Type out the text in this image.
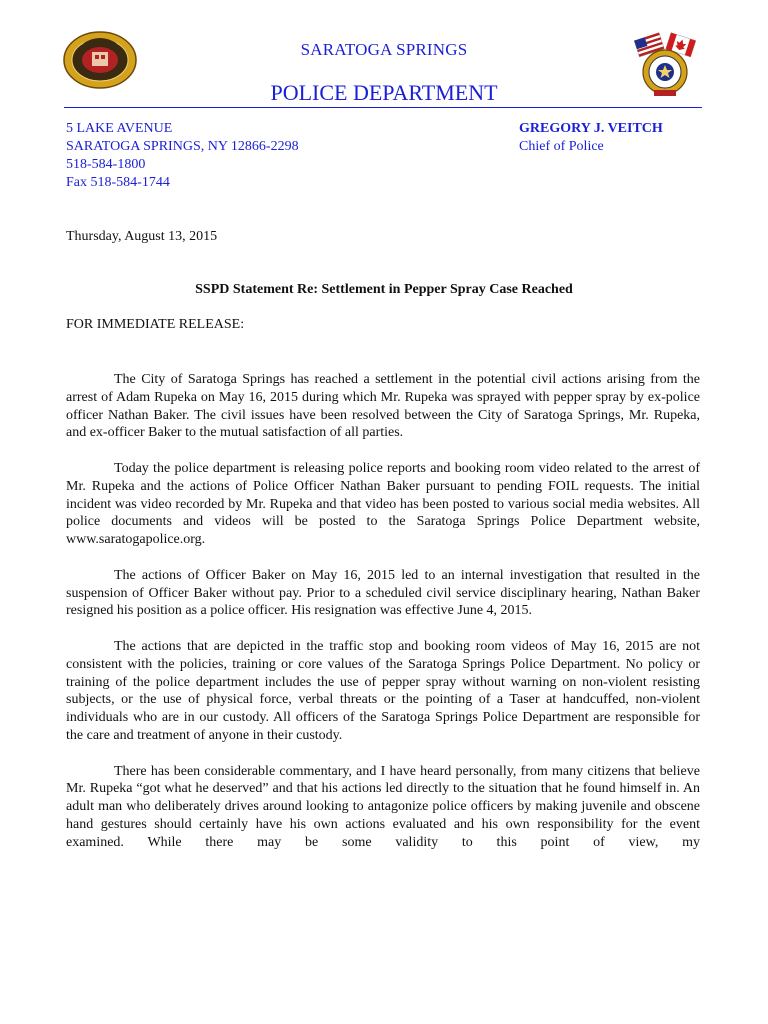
SARATOGA SPRINGS
POLICE DEPARTMENT
5 LAKE AVENUE
SARATOGA SPRINGS, NY 12866-2298
518-584-1800
Fax 518-584-1744
GREGORY J. VEITCH
Chief of Police
Thursday, August 13, 2015
SSPD Statement Re: Settlement in Pepper Spray Case Reached
FOR IMMEDIATE RELEASE:

The City of Saratoga Springs has reached a settlement in the potential civil actions arising from the arrest of Adam Rupeka on May 16, 2015 during which Mr. Rupeka was sprayed with pepper spray by ex-police officer Nathan Baker. The civil issues have been resolved between the City of Saratoga Springs, Mr. Rupeka, and ex-officer Baker to the mutual satisfaction of all parties.

Today the police department is releasing police reports and booking room video related to the arrest of Mr. Rupeka and the actions of Police Officer Nathan Baker pursuant to pending FOIL requests. The initial incident was video recorded by Mr. Rupeka and that video has been posted to various social media websites. All police documents and videos will be posted to the Saratoga Springs Police Department website, www.saratogapolice.org.

The actions of Officer Baker on May 16, 2015 led to an internal investigation that resulted in the suspension of Officer Baker without pay. Prior to a scheduled civil service disciplinary hearing, Nathan Baker resigned his position as a police officer. His resignation was effective June 4, 2015.

The actions that are depicted in the traffic stop and booking room videos of May 16, 2015 are not consistent with the policies, training or core values of the Saratoga Springs Police Department. No policy or training of the police department includes the use of pepper spray without warning on non-violent resisting subjects, or the use of physical force, verbal threats or the pointing of a Taser at handcuffed, non-violent individuals who are in our custody. All officers of the Saratoga Springs Police Department are responsible for the care and treatment of anyone in their custody.

There has been considerable commentary, and I have heard personally, from many citizens that believe Mr. Rupeka “got what he deserved” and that his actions led directly to the situation that he found himself in. An adult man who deliberately drives around looking to antagonize police officers by making juvenile and obscene hand gestures should certainly have his own actions evaluated and his own responsibility for the event examined. While there may be some validity to this point of view, my
